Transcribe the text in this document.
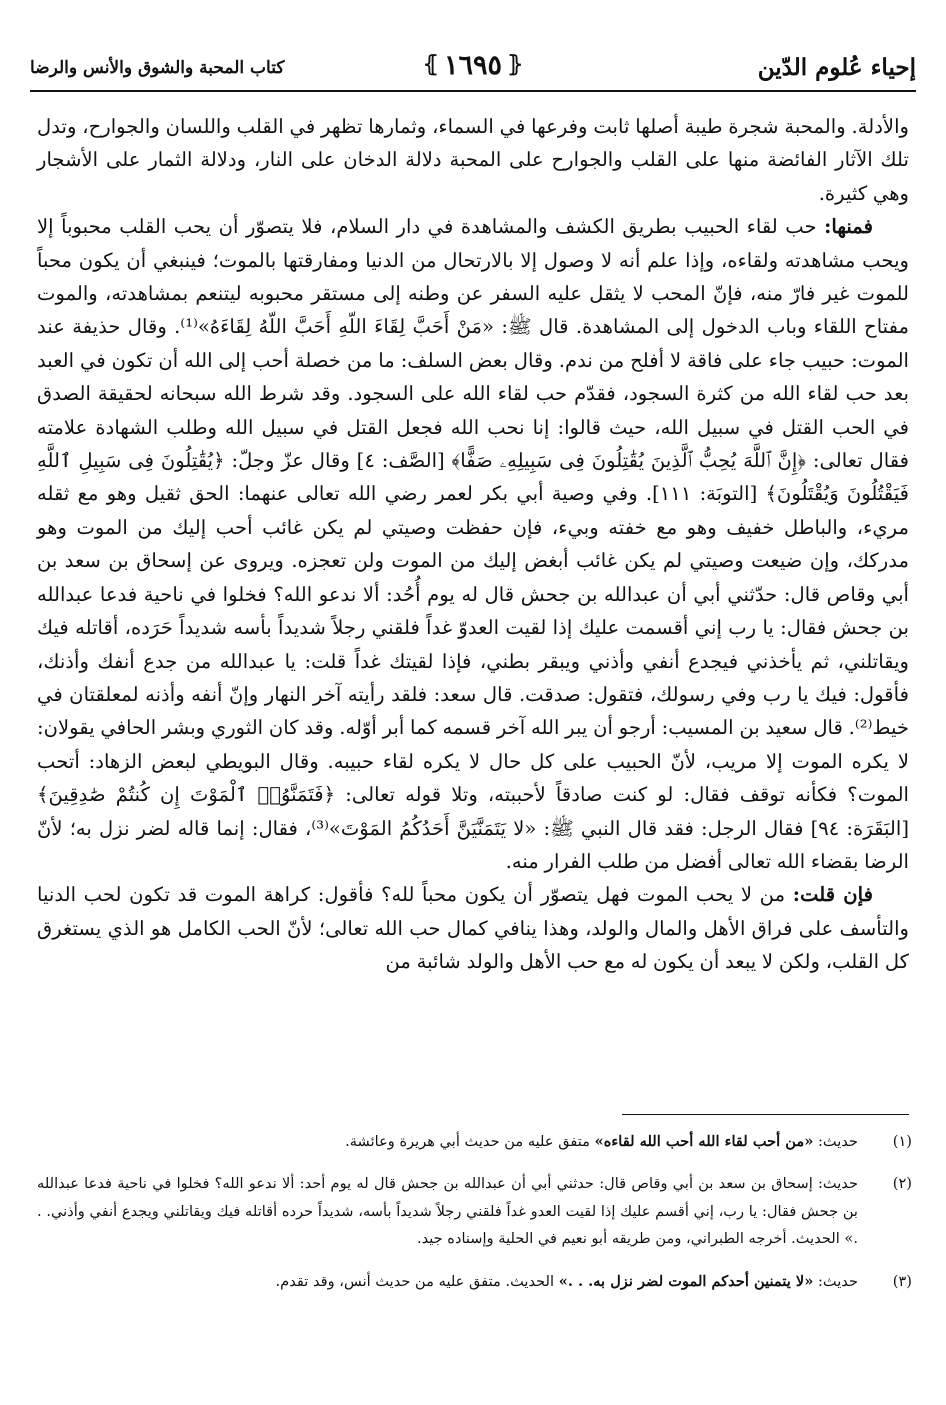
إحياء عُلوم الدّين
⦃ ١٦٩٥ ⦄
كتاب المحبة والشوق والأنس والرضا

والأدلة. والمحبة شجرة طيبة أصلها ثابت وفرعها في السماء، وثمارها تظهر في القلب واللسان والجوارح، وتدل تلك الآثار الفائضة منها على القلب والجوارح على المحبة دلالة الدخان على النار، ودلالة الثمار على الأشجار وهي كثيرة.

فمنها: حب لقاء الحبيب بطريق الكشف والمشاهدة في دار السلام، فلا يتصوّر أن يحب القلب محبوباً إلا ويحب مشاهدته ولقاءه، وإذا علم أنه لا وصول إلا بالارتحال من الدنيا ومفارقتها بالموت؛ فينبغي أن يكون محباً للموت غير فارّ منه، فإنّ المحب لا يثقل عليه السفر عن وطنه إلى مستقر محبوبه ليتنعم بمشاهدته، والموت مفتاح اللقاء وباب الدخول إلى المشاهدة. قال ﷺ: «مَنْ أَحَبَّ لِقَاءَ اللّهِ أَحَبَّ اللّهُ لِقَاءَهُ»⁽¹⁾. وقال حذيفة عند الموت: حبيب جاء على فاقة لا أفلح من ندم. وقال بعض السلف: ما من خصلة أحب إلى الله أن تكون في العبد بعد حب لقاء الله من كثرة السجود، فقدّم حب لقاء الله على السجود. وقد شرط الله سبحانه لحقيقة الصدق في الحب القتل في سبيل الله، حيث قالوا: إنا نحب الله فجعل القتل في سبيل الله وطلب الشهادة علامته فقال تعالى: ﴿إِنَّ ٱللَّهَ يُحِبُّ ٱلَّذِينَ يُقَٰتِلُونَ فِى سَبِيلِهِۦ صَفًّا﴾ [الصَّف: ٤] وقال عزّ وجلّ: ﴿يُقَٰتِلُونَ فِى سَبِيلِ ٱللَّهِ فَيَقْتُلُونَ وَيُقْتَلُونَ﴾ [التوبَة: ١١١]. وفي وصية أبي بكر لعمر رضي الله تعالى عنهما: الحق ثقيل وهو مع ثقله مريء، والباطل خفيف وهو مع خفته وبيء، فإن حفظت وصيتي لم يكن غائب أحب إليك من الموت وهو مدركك، وإن ضيعت وصيتي لم يكن غائب أبغض إليك من الموت ولن تعجزه. ويروى عن إسحاق بن سعد بن أبي وقاص قال: حدّثني أبي أن عبدالله بن جحش قال له يوم أُحُد: ألا ندعو الله؟ فخلوا في ناحية فدعا عبدالله بن جحش فقال: يا رب إني أقسمت عليك إذا لقيت العدوّ غداً فلقني رجلاً شديداً بأسه شديداً حَرَده، أقاتله فيك ويقاتلني، ثم يأخذني فيجدع أنفي وأذني ويبقر بطني، فإذا لقيتك غداً قلت: يا عبدالله من جدع أنفك وأذنك، فأقول: فيك يا رب وفي رسولك، فتقول: صدقت. قال سعد: فلقد رأيته آخر النهار وإنّ أنفه وأذنه لمعلقتان في خيط⁽²⁾. قال سعيد بن المسيب: أرجو أن يبر الله آخر قسمه كما أبر أوّله. وقد كان الثوري وبشر الحافي يقولان: لا يكره الموت إلا مريب، لأنّ الحبيب على كل حال لا يكره لقاء حبيبه. وقال البويطي لبعض الزهاد: أتحب الموت؟ فكأنه توقف فقال: لو كنت صادقاً لأحببته، وتلا قوله تعالى: ﴿فَتَمَنَّوُا۟ ٱلْمَوْتَ إِن كُنتُمْ صَٰدِقِينَ﴾ [البَقَرَة: ٩٤] فقال الرجل: فقد قال النبي ﷺ: «لا يَتَمَنَّيَنَّ أَحَدُكُمُ المَوْتَ»⁽³⁾، فقال: إنما قاله لضر نزل به؛ لأنّ الرضا بقضاء الله تعالى أفضل من طلب الفرار منه.

فإن قلت: من لا يحب الموت فهل يتصوّر أن يكون محباً لله؟ فأقول: كراهة الموت قد تكون لحب الدنيا والتأسف على فراق الأهل والمال والولد، وهذا ينافي كمال حب الله تعالى؛ لأنّ الحب الكامل هو الذي يستغرق كل القلب، ولكن لا يبعد أن يكون له مع حب الأهل والولد شائبة من

(١)
حديث: «من أحب لقاء الله أحب الله لقاءه» متفق عليه من حديث أبي هريرة وعائشة.
(٢)
حديث: إسحاق بن سعد بن أبي وقاص قال: حدثني أبي أن عبدالله بن جحش قال له يوم أحد: ألا ندعو الله؟ فخلوا في ناحية فدعا عبدالله بن جحش فقال: يا رب، إني أقسم عليك إذا لقيت العدو غداً فلقني رجلاً شديداً بأسه، شديداً حرده أقاتله فيك ويقاتلني ويجدع أنفي وأذني. . .» الحديث. أخرجه الطبراني، ومن طريقه أبو نعيم في الحلية وإسناده جيد.
(٣)
حديث: «لا يتمنين أحدكم الموت لضر نزل به. . .» الحديث. متفق عليه من حديث أنس، وقد تقدم.
